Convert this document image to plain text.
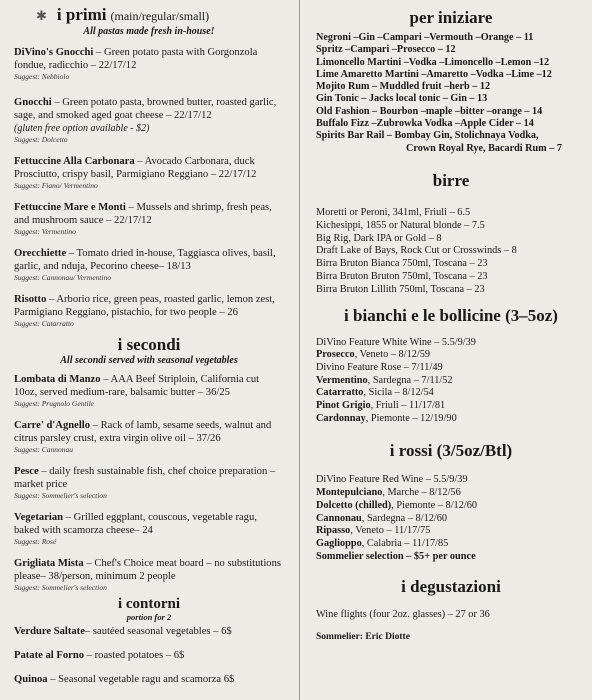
✱ i primi (main/regular/small)
All pastas made fresh in-house!
DiVino's Gnocchi – Green potato pasta with Gorgonzola fondue, radicchio – 22/17/12
Suggest: Nebbiolo
Gnocchi – Green potato pasta, browned butter, roasted garlic, sage, and smoked aged goat cheese – 22/17/12
(gluten free option available - $2)
Suggest: Dolcetto
Fettuccine Alla Carbonara – Avocado Carbonara, duck Prosciutto, crispy basil, Parmigiano Reggiano – 22/17/12
Suggest: Fiano/ Vermentino
Fettuccine Mare e Monti – Mussels and shrimp, fresh peas, and mushroom sauce – 22/17/12
Suggest: Vermentino
Orecchiette – Tomato dried in-house, Taggiasca olives, basil, garlic, and nduja, Pecorino cheese– 18/13
Suggest: Cannonau/ Vermentino
Risotto – Arborio rice, green peas, roasted garlic, lemon zest, Parmigiano Reggiano, pistachio, for two people – 26
Suggest: Catarratto
i secondi
All secondi served with seasonal vegetables
Lombata di Manzo – AAA Beef Striploin, California cut 10oz, served medium-rare, balsamic butter – 36/25
Suggest: Prugnolo Gentile
Carre' d'Agnello – Rack of lamb, sesame seeds, walnut and citrus parsley crust, extra virgin olive oil – 37/26
Suggest: Cannonau
Pesce – daily fresh sustainable fish, chef choice preparation – market price
Suggest: Sommelier's selection
Vegetarian – Grilled eggplant, couscous, vegetable ragu, baked with scamorza cheese– 24
Suggest: Rosé
Grigliata Mista – Chef's Choice meat board – no substitutions please– 38/person, minimum 2 people
Suggest: Sommelier's selection
i contorni
portion for 2
Verdure Saltate– sautéed seasonal vegetables – 6$
Patate al Forno – roasted potatoes – 6$
Quinoa – Seasonal vegetable ragu and scamorza 6$
per iniziare
Negroni –Gin –Campari –Vermouth –Orange – 11
Spritz –Campari –Prosecco – 12
Limoncello Martini –Vodka –Limoncello –Lemon –12
Lime Amaretto Martini –Amaretto –Vodka –Lime –12
Mojito Rum – Muddled fruit –herb – 12
Gin Tonic – Jacks local tonic – Gin – 13
Old Fashion – Bourbon –maple –bitter –orange – 14
Buffalo Fizz –Zubrowka Vodka –Apple Cider – 14
Spirits Bar Rail – Bombay Gin, Stolichnaya Vodka,
Crown Royal Rye, Bacardi Rum – 7
birre
Moretti or Peroni, 341ml, Friuli – 6.5
Kichesippi, 1855 or Natural blonde – 7.5
Big Rig, Dark IPA or Gold – 8
Draft Lake of Bays, Rock Cut or Crosswinds – 8
Birra Bruton Bianca 750ml, Toscana – 23
Birra Bruton Bruton 750ml, Toscana – 23
Birra Bruton Lillith 750ml, Toscana – 23
i bianchi e le bollicine (3–5oz)
DiVino Feature White Wine – 5.5/9/39
Prosecco, Veneto – 8/12/59
Divino Feature Rose – 7/11/49
Vermentino, Sardegna – 7/11/52
Catarratto, Sicila – 8/12/54
Pinot Grigio, Friuli – 11/17/81
Cardonnay, Piemonte – 12/19/90
i rossi (3/5oz/Btl)
DiVino Feature Red Wine – 5.5/9/39
Montepulciano, Marche – 8/12/56
Dolcetto (chilled), Piemonte – 8/12/60
Cannonau, Sardegna – 8/12/60
Ripasso, Veneto – 11/17/75
Gaglioppo, Calabria – 11/17/85
Sommelier selection – $5+ per ounce
i degustazioni
Wine flights (four 2oz. glasses) – 27 or 36
Sommelier: Eric Diotte
